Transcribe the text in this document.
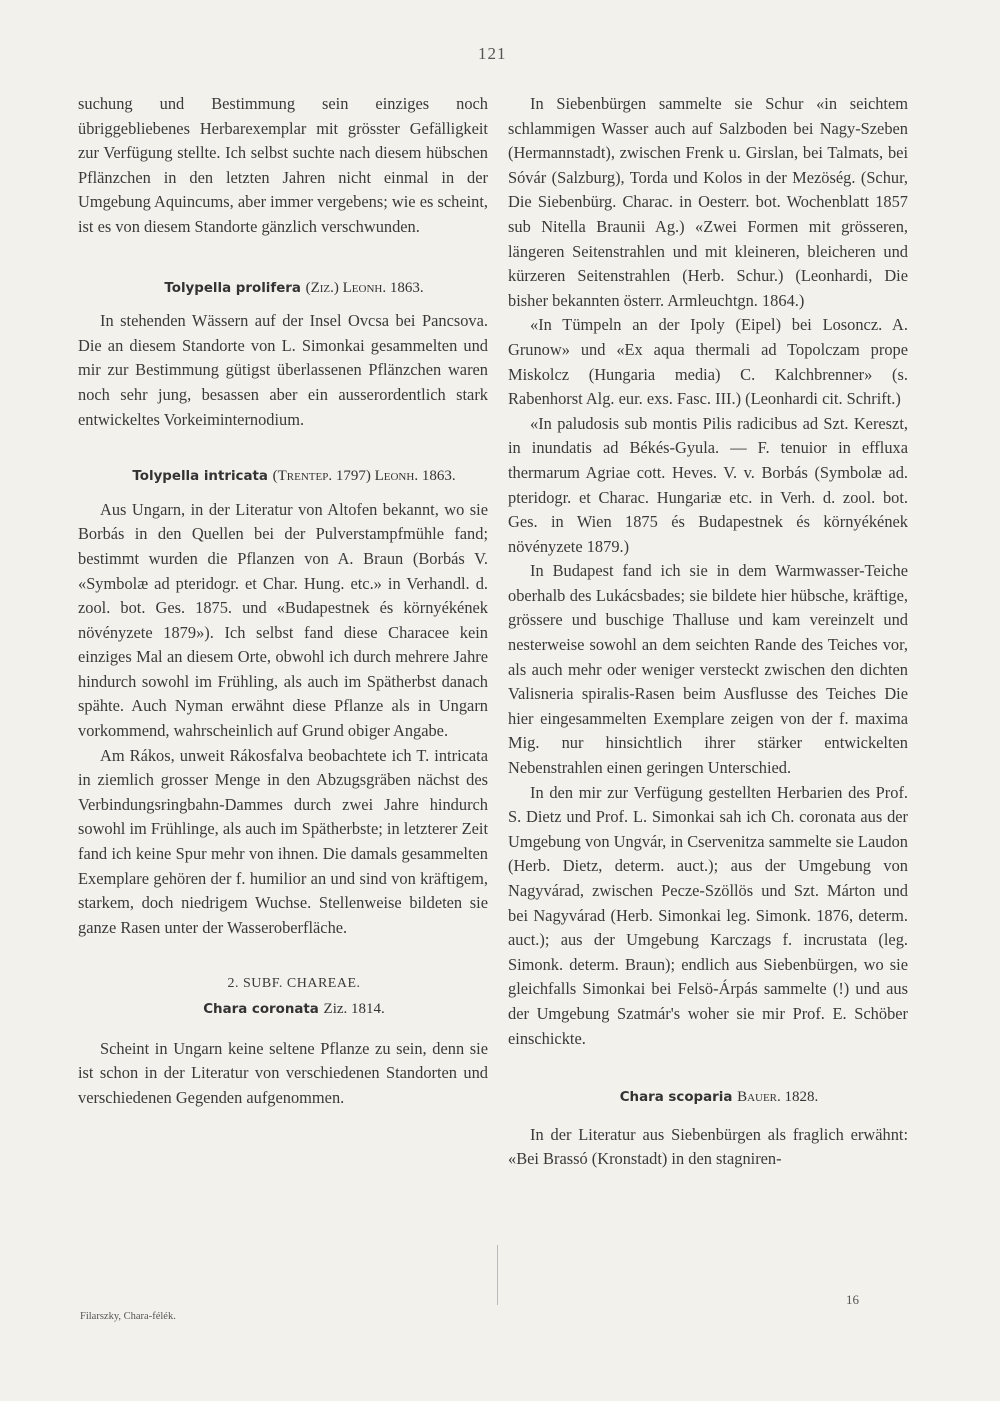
121

suchung und Bestimmung sein einziges noch übriggebliebenes Herbarexemplar mit grösster Gefälligkeit zur Verfügung stellte. Ich selbst suchte nach diesem hübschen Pflänzchen in den letzten Jahren nicht einmal in der Umgebung Aquincums, aber immer vergebens; wie es scheint, ist es von diesem Standorte gänzlich verschwunden.

Tolypella prolifera (Ziz.) Leonh. 1863.

In stehenden Wässern auf der Insel Ovcsa bei Pancsova. Die an diesem Standorte von L. Simonkai gesammelten und mir zur Bestimmung gütigst überlassenen Pflänzchen waren noch sehr jung, besassen aber ein ausserordentlich stark entwickeltes Vorkeiminternodium.

Tolypella intricata (Trentep. 1797) Leonh. 1863.

Aus Ungarn, in der Literatur von Altofen bekannt, wo sie Borbás in den Quellen bei der Pulverstampfmühle fand; bestimmt wurden die Pflanzen von A. Braun (Borbás V. «Symbolæ ad pteridogr. et Char. Hung. etc.» in Verhandl. d. zool. bot. Ges. 1875. und «Budapestnek és környékének növényzete 1879»). Ich selbst fand diese Characee kein einziges Mal an diesem Orte, obwohl ich durch mehrere Jahre hindurch sowohl im Frühling, als auch im Spätherbst danach spähte. Auch Nyman erwähnt diese Pflanze als in Ungarn vorkommend, wahrscheinlich auf Grund obiger Angabe.

Am Rákos, unweit Rákosfalva beobachtete ich T. intricata in ziemlich grosser Menge in den Abzugsgräben nächst des Verbindungsringbahn-Dammes durch zwei Jahre hindurch sowohl im Frühlinge, als auch im Spätherbste; in letzterer Zeit fand ich keine Spur mehr von ihnen. Die damals gesammelten Exemplare gehören der f. humilior an und sind von kräftigem, starkem, doch niedrigem Wuchse. Stellenweise bildeten sie ganze Rasen unter der Wasseroberfläche.

2. SUBF. CHAREAE.

Chara coronata Ziz. 1814.

Scheint in Ungarn keine seltene Pflanze zu sein, denn sie ist schon in der Literatur von verschiedenen Standorten und verschiedenen Gegenden aufgenommen.

In Siebenbürgen sammelte sie Schur «in seichtem schlammigen Wasser auch auf Salzboden bei Nagy-Szeben (Hermannstadt), zwischen Frenk u. Girslan, bei Talmats, bei Sóvár (Salzburg), Torda und Kolos in der Mezöség. (Schur, Die Siebenbürg. Charac. in Oesterr. bot. Wochenblatt 1857 sub Nitella Braunii Ag.) «Zwei Formen mit grösseren, längeren Seitenstrahlen und mit kleineren, bleicheren und kürzeren Seitenstrahlen (Herb. Schur.) (Leonhardi, Die bisher bekannten österr. Armleuchtgn. 1864.)

«In Tümpeln an der Ipoly (Eipel) bei Losoncz. A. Grunow» und «Ex aqua thermali ad Topolczam prope Miskolcz (Hungaria media) C. Kalchbrenner» (s. Rabenhorst Alg. eur. exs. Fasc. III.) (Leonhardi cit. Schrift.)

«In paludosis sub montis Pilis radicibus ad Szt. Kereszt, in inundatis ad Békés-Gyula. — F. tenuior in effluxa thermarum Agriae cott. Heves. V. v. Borbás (Symbolæ ad. pteridogr. et Charac. Hungariæ etc. in Verh. d. zool. bot. Ges. in Wien 1875 és Budapestnek és környékének növényzete 1879.)

In Budapest fand ich sie in dem Warmwasser-Teiche oberhalb des Lukácsbades; sie bildete hier hübsche, kräftige, grössere und buschige Thalluse und kam vereinzelt und nesterweise sowohl an dem seichten Rande des Teiches vor, als auch mehr oder weniger versteckt zwischen den dichten Valisneria spiralis-Rasen beim Ausflusse des Teiches Die hier eingesammelten Exemplare zeigen von der f. maxima Mig. nur hinsichtlich ihrer stärker entwickelten Nebenstrahlen einen geringen Unterschied.

In den mir zur Verfügung gestellten Herbarien des Prof. S. Dietz und Prof. L. Simonkai sah ich Ch. coronata aus der Umgebung von Ungvár, in Cservenitza sammelte sie Laudon (Herb. Dietz, determ. auct.); aus der Umgebung von Nagyvárad, zwischen Pecze-Szöllös und Szt. Márton und bei Nagyvárad (Herb. Simonkai leg. Simonk. 1876, determ. auct.); aus der Umgebung Karczags f. incrustata (leg. Simonk. determ. Braun); endlich aus Siebenbürgen, wo sie gleichfalls Simonkai bei Felsö-Árpás sammelte (!) und aus der Umgebung Szatmár's woher sie mir Prof. E. Schöber einschickte.

Chara scoparia Bauer. 1828.

In der Literatur aus Siebenbürgen als fraglich erwähnt: «Bei Brassó (Kronstadt) in den stagniren-

Filarszky, Chara-félék.
16
